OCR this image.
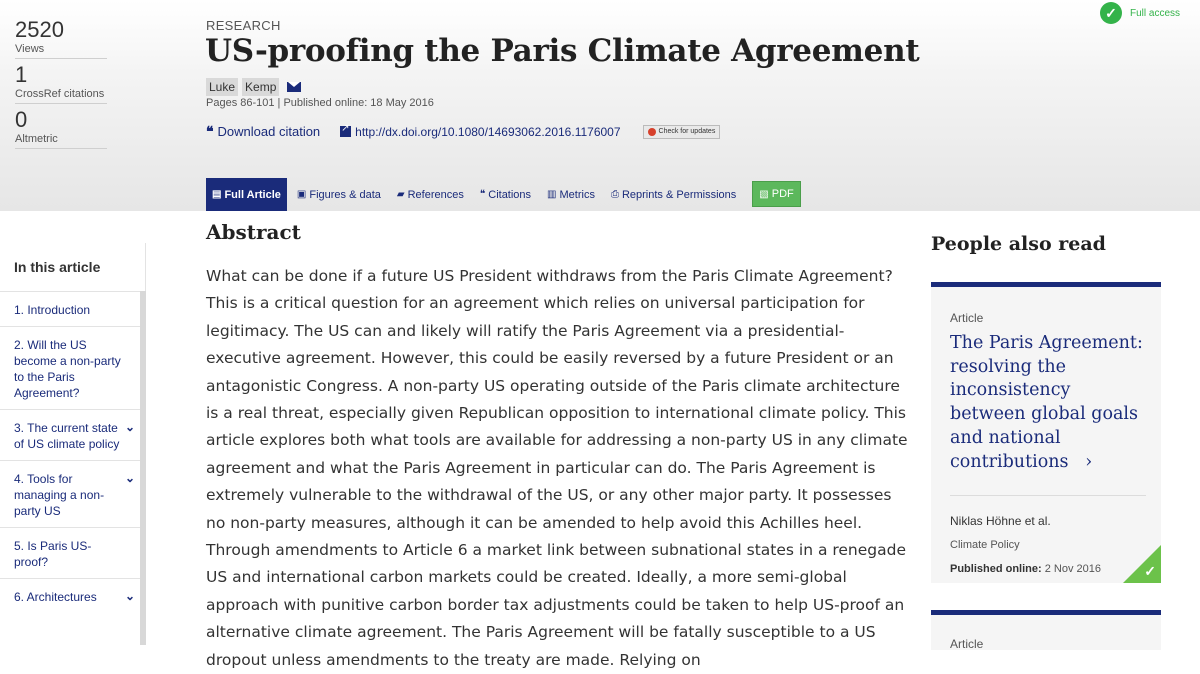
2520
Views
1
CrossRef citations
0
Altmetric
RESEARCH
US-proofing the Paris Climate Agreement
Luke Kemp
Pages 86-101 | Published online: 18 May 2016
❝ Download citation
↗	http://dx.doi.org/10.1080/14693062.2016.1176007	Check for updates
✓	Full access
▤ Full Article ▣ Figures & data ▰ References ❝ Citations ▥ Metrics ⎙ Reprints & Permissions ▧ PDF
In this article
1. Introduction
2. Will the US become a non-party to the Paris Agreement?
3. The current state of US climate policy
⌄
4. Tools for managing a non-party US
⌄
5. Is Paris US-proof?
6. Architectures ⌄
Abstract

What can be done if a future US President withdraws from the Paris Climate Agreement? This is a critical question for an agreement which relies on universal participation for legitimacy. The US can and likely will ratify the Paris Agreement via a presidential-executive agreement. However, this could be easily reversed by a future President or an antagonistic Congress. A non-party US operating outside of the Paris climate architecture is a real threat, especially given Republican opposition to international climate policy. This article explores both what tools are available for addressing a non-party US in any climate agreement and what the Paris Agreement in particular can do. The Paris Agreement is extremely vulnerable to the withdrawal of the US, or any other major party. It possesses no non-party measures, although it can be amended to help avoid this Achilles heel. Through amendments to Article 6 a market link between subnational states in a renegade US and international carbon markets could be created. Ideally, a more semi-global approach with punitive carbon border tax adjustments could be taken to help US-proof an alternative climate agreement. The Paris Agreement will be fatally susceptible to a US dropout unless amendments to the treaty are made. Relying on

People also read
Article
The Paris Agreement: resolving the inconsistency between global goals and national contributions   ›
Niklas Höhne et al.
Climate Policy
Published online: 2 Nov 2016	✓
Article
